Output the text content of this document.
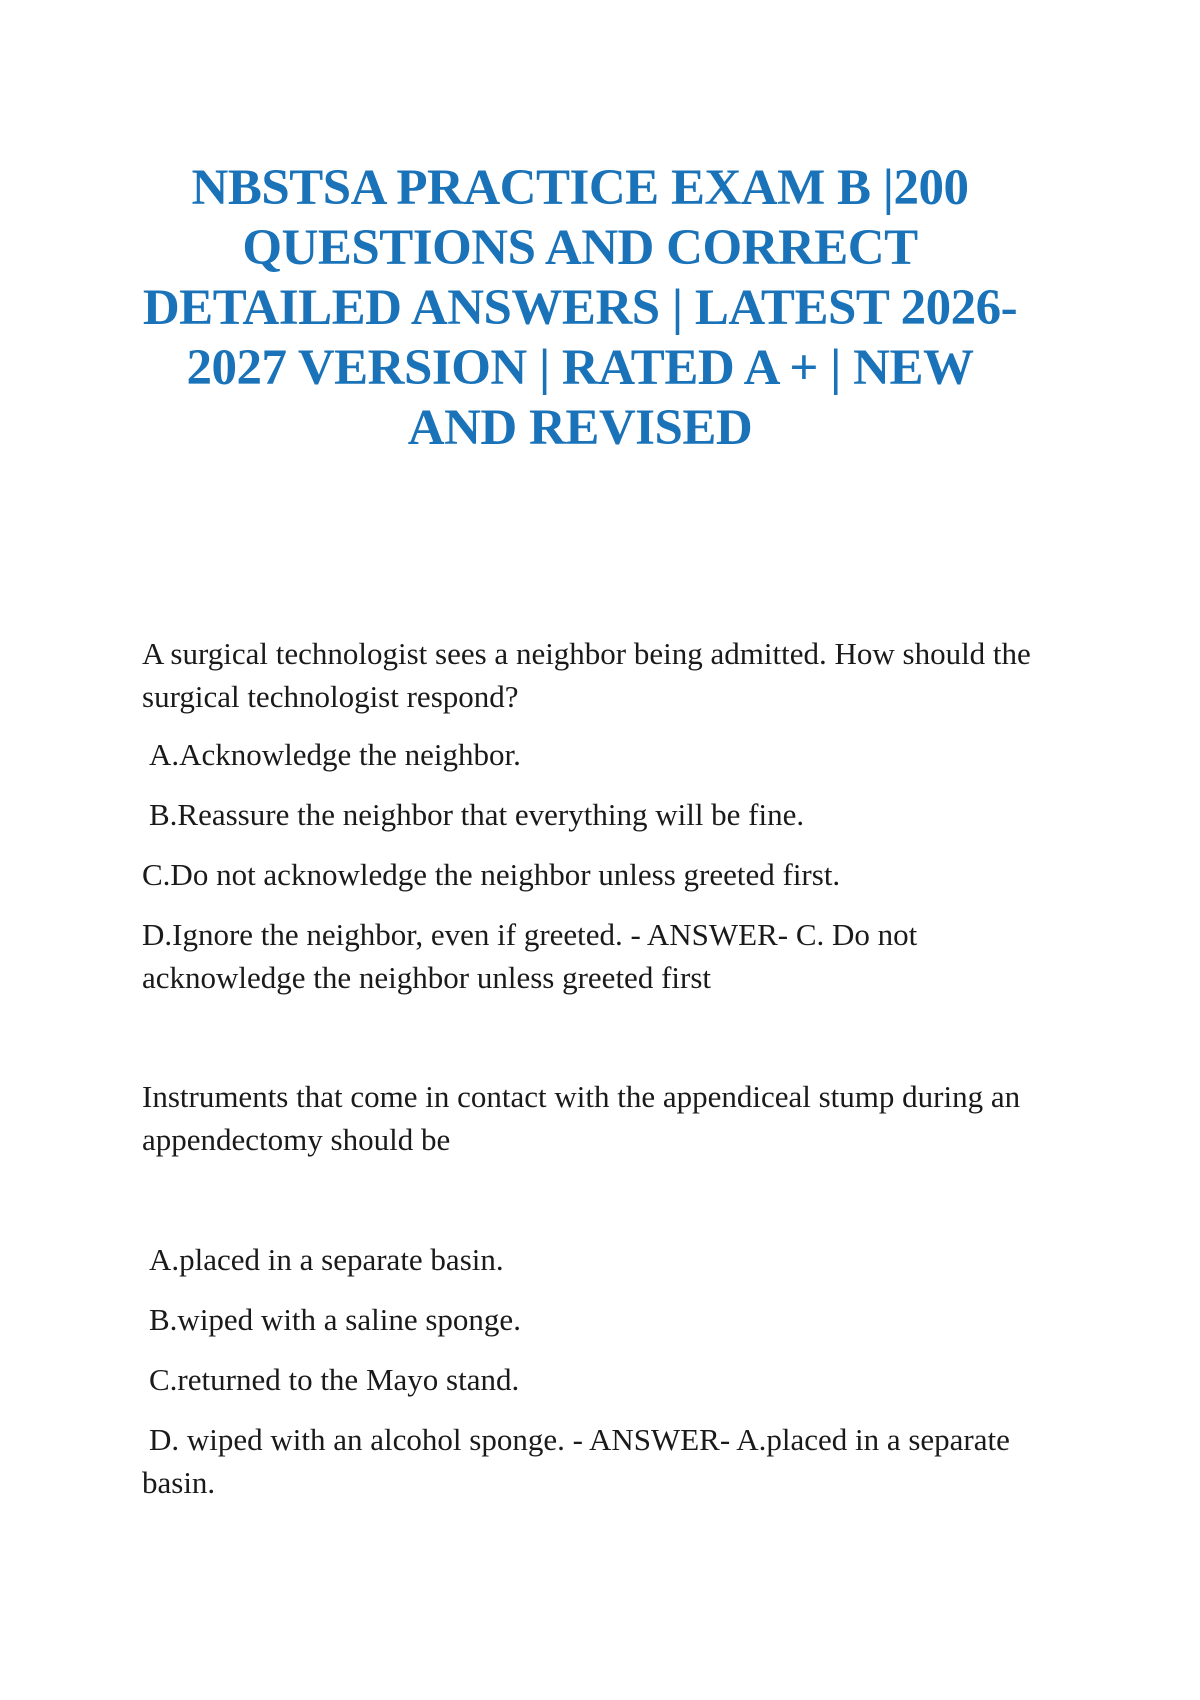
NBSTSA PRACTICE EXAM B |200 QUESTIONS AND CORRECT DETAILED ANSWERS | LATEST 2026-2027 VERSION | RATED A + | NEW AND REVISED

A surgical technologist sees a neighbor being admitted. How should the surgical technologist respond?

A.Acknowledge the neighbor.

B.Reassure the neighbor that everything will be fine.

C.Do not acknowledge the neighbor unless greeted first.

D.Ignore the neighbor, even if greeted. - ANSWER- C. Do not acknowledge the neighbor unless greeted first

Instruments that come in contact with the appendiceal stump during an appendectomy should be

A.placed in a separate basin.

B.wiped with a saline sponge.

C.returned to the Mayo stand.

D. wiped with an alcohol sponge. - ANSWER- A.placed in a separate basin.
